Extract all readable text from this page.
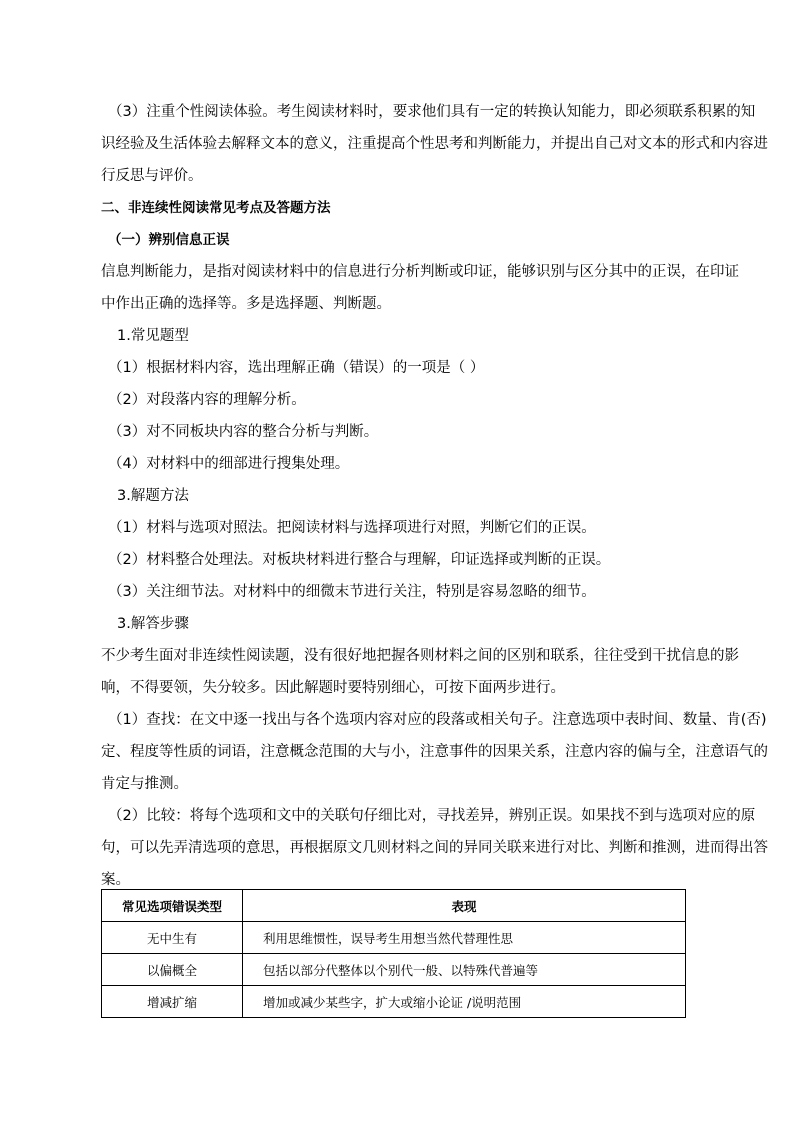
（3）注重个性阅读体验。考生阅读材料时，要求他们具有一定的转换认知能力，即必须联系积累的知
识经验及生活体验去解释文本的意义，注重提高个性思考和判断能力，并提出自己对文本的形式和内容进
行反思与评价。
二、非连续性阅读常见考点及答题方法
（一）辨别信息正误
信息判断能力，是指对阅读材料中的信息进行分析判断或印证，能够识别与区分其中的正误，在印证
中作出正确的选择等。多是选择题、判断题。
1.常见题型
（1）根据材料内容，选出理解正确（错误）的一项是（ ）
（2）对段落内容的理解分析。
（3）对不同板块内容的整合分析与判断。
（4）对材料中的细部进行搜集处理。
3.解题方法
（1）材料与选项对照法。把阅读材料与选择项进行对照，判断它们的正误。
（2）材料整合处理法。对板块材料进行整合与理解，印证选择或判断的正误。
（3）关注细节法。对材料中的细微末节进行关注，特别是容易忽略的细节。
3.解答步骤
不少考生面对非连续性阅读题，没有很好地把握各则材料之间的区别和联系，往往受到干扰信息的影
响，不得要领，失分较多。因此解题时要特别细心，可按下面两步进行。
（1）查找：在文中逐一找出与各个选项内容对应的段落或相关句子。注意选项中表时间、数量、肯(否)
定、程度等性质的词语，注意概念范围的大与小，注意事件的因果关系，注意内容的偏与全，注意语气的
肯定与推测。
（2）比较：将每个选项和文中的关联句仔细比对，寻找差异，辨别正误。如果找不到与选项对应的原
句，可以先弄清选项的意思，再根据原文几则材料之间的异同关联来进行对比、判断和推测，进而得出答
案。
常见选项错误类型	表现
无中生有	利用思维惯性，误导考生用想当然代替理性思
以偏概全	包括以部分代整体以个别代一般、以特殊代普遍等
增减扩缩	增加或减少某些字，扩大或缩小论证 /说明范围
